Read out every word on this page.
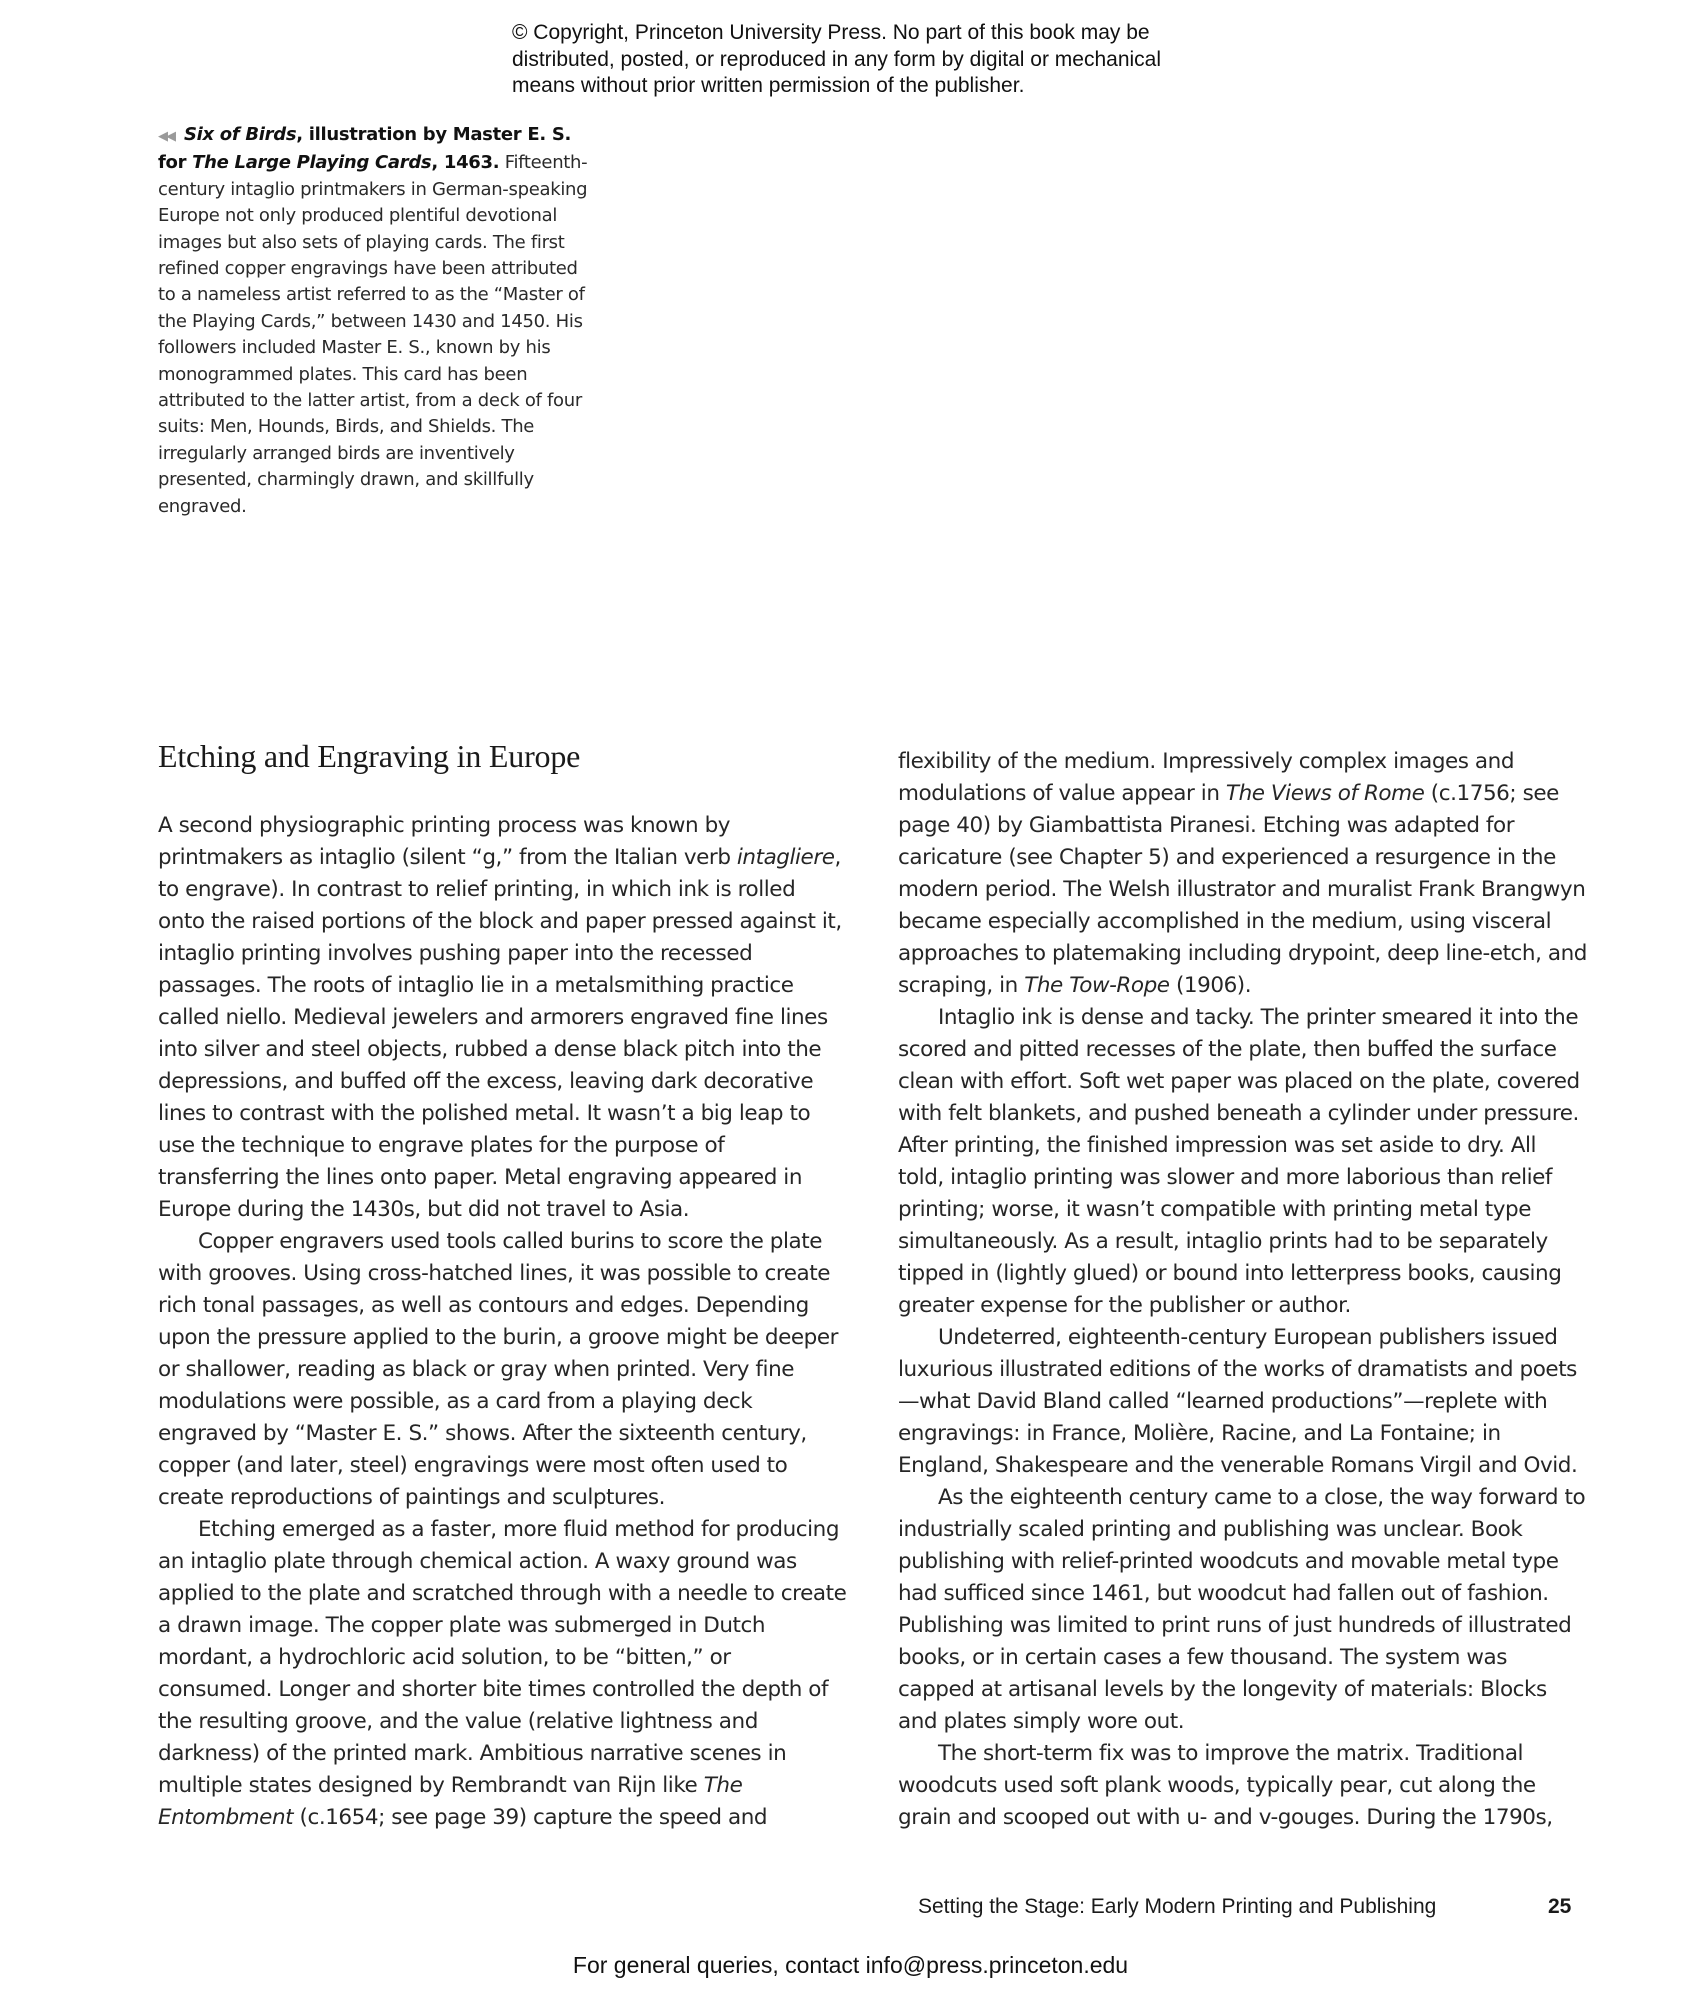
© Copyright, Princeton University Press. No part of this book may be

distributed, posted, or reproduced in any form by digital or mechanical

means without prior written permission of the publisher.

◀◀ Six of Birds, illustration by Master E. S. for The Large Playing Cards, 1463. Fifteenth-century intaglio printmakers in German-speaking Europe not only produced plentiful devotional images but also sets of playing cards. The first refined copper engravings have been attributed to a nameless artist referred to as the “Master of the Playing Cards,” between 1430 and 1450. His followers included Master E. S., known by his monogrammed plates. This card has been attributed to the latter artist, from a deck of four suits: Men, Hounds, Birds, and Shields. The irregularly arranged birds are inventively presented, charmingly drawn, and skillfully engraved.
Etching and Engraving in Europe

A second physiographic printing process was known by printmakers as intaglio (silent “g,” from the Italian verb intagliere, to engrave). In contrast to relief printing, in which ink is rolled onto the raised portions of the block and paper pressed against it, intaglio printing involves pushing paper into the recessed passages. The roots of intaglio lie in a metalsmithing practice called niello. Medieval jewelers and armorers engraved fine lines into silver and steel objects, rubbed a dense black pitch into the depressions, and buffed off the excess, leaving dark decorative lines to contrast with the polished metal. It wasn’t a big leap to use the technique to engrave plates for the purpose of transferring the lines onto paper. Metal engraving appeared in Europe during the 1430s, but did not travel to Asia.

Copper engravers used tools called burins to score the plate with grooves. Using cross-hatched lines, it was possible to create rich tonal passages, as well as contours and edges. Depending upon the pressure applied to the burin, a groove might be deeper or shallower, reading as black or gray when printed. Very fine modulations were possible, as a card from a playing deck engraved by “Master E. S.” shows. After the sixteenth century, copper (and later, steel) engravings were most often used to create reproductions of paintings and sculptures.

Etching emerged as a faster, more fluid method for producing an intaglio plate through chemical action. A waxy ground was applied to the plate and scratched through with a needle to create a drawn image. The copper plate was submerged in Dutch mordant, a hydrochloric acid solution, to be “bitten,” or consumed. Longer and shorter bite times controlled the depth of the resulting groove, and the value (relative lightness and darkness) of the printed mark. Ambitious narrative scenes in multiple states designed by Rembrandt van Rijn like The Entombment (c.1654; see page 39) capture the speed and

flexibility of the medium. Impressively complex images and modulations of value appear in The Views of Rome (c.1756; see page 40) by Giambattista Piranesi. Etching was adapted for caricature (see Chapter 5) and experienced a resurgence in the modern period. The Welsh illustrator and muralist Frank Brangwyn became especially accomplished in the medium, using visceral approaches to platemaking including drypoint, deep line-etch, and scraping, in The Tow-Rope (1906).

Intaglio ink is dense and tacky. The printer smeared it into the scored and pitted recesses of the plate, then buffed the surface clean with effort. Soft wet paper was placed on the plate, covered with felt blankets, and pushed beneath a cylinder under pressure. After printing, the finished impression was set aside to dry. All told, intaglio printing was slower and more laborious than relief printing; worse, it wasn’t compatible with printing metal type simultaneously. As a result, intaglio prints had to be separately tipped in (lightly glued) or bound into letterpress books, causing greater expense for the publisher or author.

Undeterred, eighteenth-century European publishers issued luxurious illustrated editions of the works of dramatists and poets—what David Bland called “learned productions”—replete with engravings: in France, Molière, Racine, and La Fontaine; in England, Shakespeare and the venerable Romans Virgil and Ovid.

As the eighteenth century came to a close, the way forward to industrially scaled printing and publishing was unclear. Book publishing with relief-printed woodcuts and movable metal type had sufficed since 1461, but woodcut had fallen out of fashion. Publishing was limited to print runs of just hundreds of illustrated books, or in certain cases a few thousand. The system was capped at artisanal levels by the longevity of materials: Blocks and plates simply wore out.

The short-term fix was to improve the matrix. Traditional woodcuts used soft plank woods, typically pear, cut along the grain and scooped out with u- and v-gouges. During the 1790s,

Setting the Stage: Early Modern Printing and Publishing	25
For general queries, contact info@press.princeton.edu
